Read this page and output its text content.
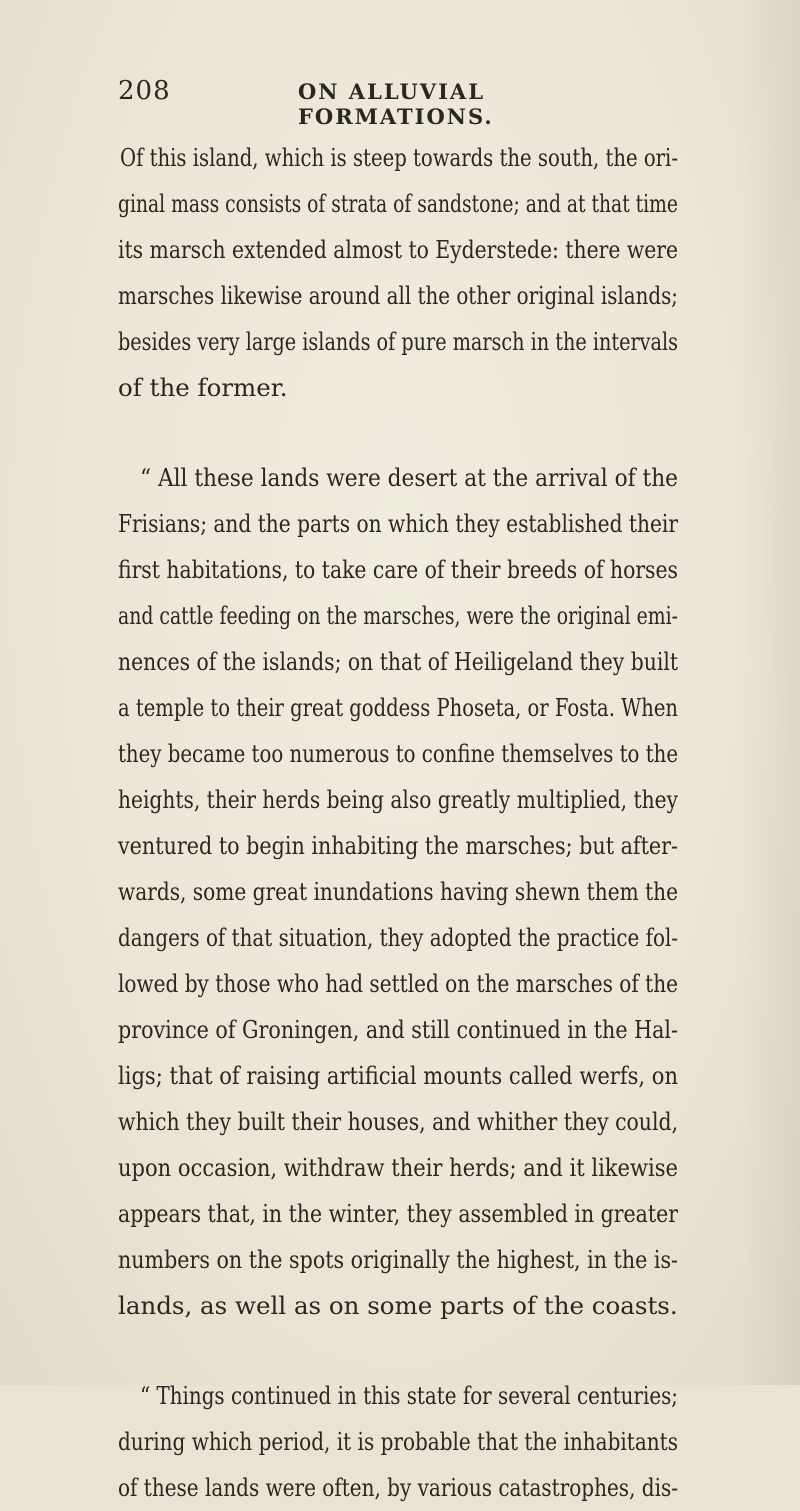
208	ON ALLUVIAL FORMATIONS.
Of this island, which is steep towards the south, the ori-
ginal mass consists of strata of sandstone; and at that time
its marsch extended almost to Eyderstede: there were
marsches likewise around all the other original islands;
besides very large islands of pure marsch in the intervals
of the former.
“ All these lands were desert at the arrival of the
Frisians; and the parts on which they established their
first habitations, to take care of their breeds of horses
and cattle feeding on the marsches, were the original emi-
nences of the islands; on that of Heiligeland they built
a temple to their great goddess Phoseta, or Fosta. When
they became too numerous to confine themselves to the
heights, their herds being also greatly multiplied, they
ventured to begin inhabiting the marsches; but after-
wards, some great inundations having shewn them the
dangers of that situation, they adopted the practice fol-
lowed by those who had settled on the marsches of the
province of Groningen, and still continued in the Hal-
ligs; that of raising artificial mounts called werfs, on
which they built their houses, and whither they could,
upon occasion, withdraw their herds; and it likewise
appears that, in the winter, they assembled in greater
numbers on the spots originally the highest, in the is-
lands, as well as on some parts of the coasts.
“ Things continued in this state for several centuries;
during which period, it is probable that the inhabitants
of these lands were often, by various catastrophes, dis-
